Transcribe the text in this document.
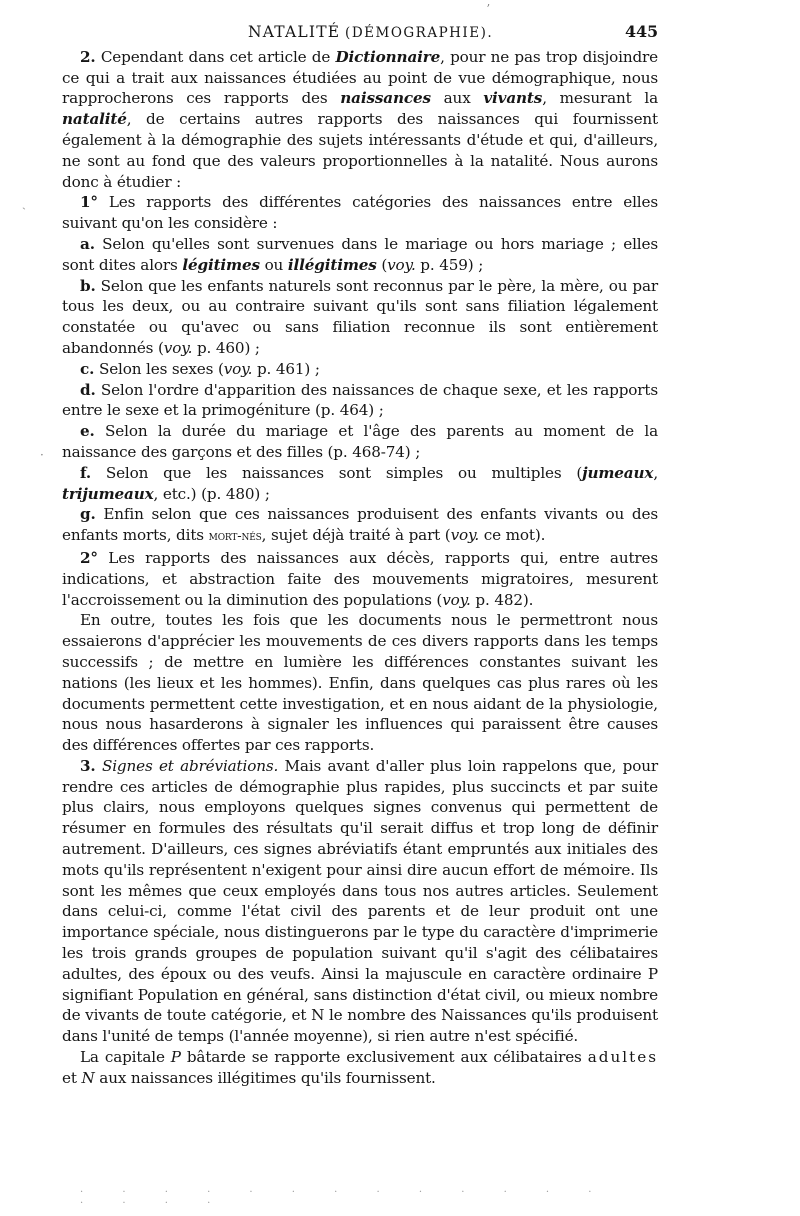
NATALITÉ (DÉMOGRAPHIE).	445

2. Cependant dans cet article de Dictionnaire, pour ne pas trop disjoindre ce qui a trait aux naissances étudiées au point de vue démographique, nous rapprocherons ces rapports des naissances aux vivants, mesurant la natalité, de certains autres rapports des naissances qui fournissent également à la démographie des sujets intéressants d'étude et qui, d'ailleurs, ne sont au fond que des valeurs proportionnelles à la natalité. Nous aurons donc à étudier :

1° Les rapports des différentes catégories des naissances entre elles suivant qu'on les considère :

a. Selon qu'elles sont survenues dans le mariage ou hors mariage ; elles sont dites alors légitimes ou illégitimes (voy. p. 459) ;

b. Selon que les enfants naturels sont reconnus par le père, la mère, ou par tous les deux, ou au contraire suivant qu'ils sont sans filiation légalement constatée ou qu'avec ou sans filiation reconnue ils sont entièrement abandonnés (voy. p. 460) ;

c. Selon les sexes (voy. p. 461) ;

d. Selon l'ordre d'apparition des naissances de chaque sexe, et les rapports entre le sexe et la primogéniture (p. 464) ;

e. Selon la durée du mariage et l'âge des parents au moment de la naissance des garçons et des filles (p. 468-74) ;

f. Selon que les naissances sont simples ou multiples (jumeaux, trijumeaux, etc.) (p. 480) ;

g. Enfin selon que ces naissances produisent des enfants vivants ou des enfants morts, dits mort-nés, sujet déjà traité à part (voy. ce mot).

2° Les rapports des naissances aux décès, rapports qui, entre autres indications, et abstraction faite des mouvements migratoires, mesurent l'accroissement ou la diminution des populations (voy. p. 482).

En outre, toutes les fois que les documents nous le permettront nous essaierons d'apprécier les mouvements de ces divers rapports dans les temps successifs ; de mettre en lumière les différences constantes suivant les nations (les lieux et les hommes). Enfin, dans quelques cas plus rares où les documents permettent cette investigation, et en nous aidant de la physiologie, nous nous hasarderons à signaler les influences qui paraissent être causes des différences offertes par ces rapports.

3. Signes et abréviations. Mais avant d'aller plus loin rappelons que, pour rendre ces articles de démographie plus rapides, plus succincts et par suite plus clairs, nous employons quelques signes convenus qui permettent de résumer en formules des résultats qu'il serait diffus et trop long de définir autrement. D'ailleurs, ces signes abréviatifs étant empruntés aux initiales des mots qu'ils représentent n'exigent pour ainsi dire aucun effort de mémoire. Ils sont les mêmes que ceux employés dans tous nos autres articles. Seulement dans celui-ci, comme l'état civil des parents et de leur produit ont une importance spéciale, nous distinguerons par le type du caractère d'imprimerie les trois grands groupes de population suivant qu'il s'agit des célibataires adultes, des époux ou des veufs. Ainsi la majuscule en caractère ordinaire P signifiant Population en général, sans distinction d'état civil, ou mieux nombre de vivants de toute catégorie, et N le nombre des Naissances qu'ils produisent dans l'unité de temps (l'année moyenne), si rien autre n'est spécifié.

La capitale P bâtarde se rapporte exclusivement aux célibataires adultes et N aux naissances illégitimes qu'ils fournissent.

ʼ
ˏ
·
. . . . . . . . . . . . . . . . .
